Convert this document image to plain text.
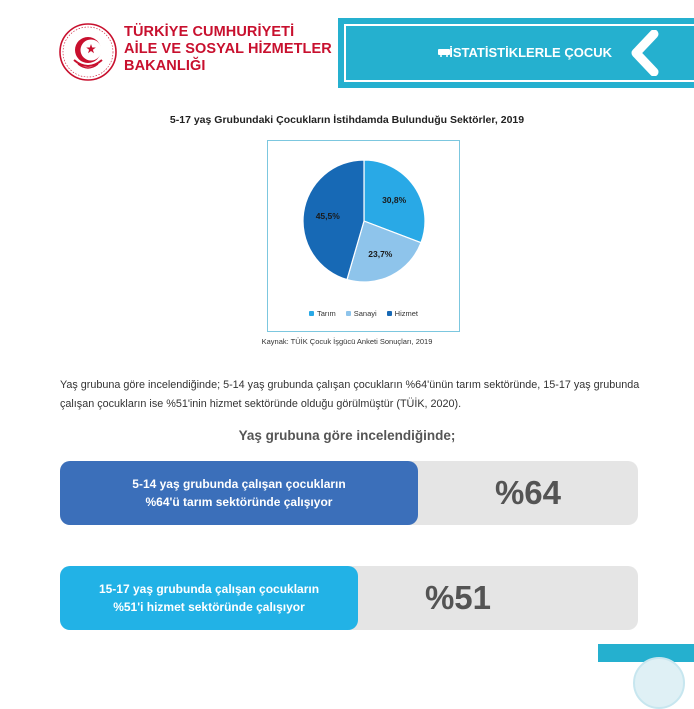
TÜRKİYE CUMHURİYETİ
AİLE VE SOSYAL HİZMETLER
BAKANLIĞI
İSTATİSTİKLERLE ÇOCUK
5-17 yaş Grubundaki Çocukların İstihdamda Bulunduğu Sektörler, 2019
30,8%
23,7%
45,5%
Tarım Sanayi Hizmet
Kaynak: TÜİK Çocuk İşgücü Anketi Sonuçları, 2019
Yaş grubuna göre incelendiğinde; 5-14 yaş grubunda çalışan çocukların %64'ünün tarım sektöründe, 15-17 yaş grubunda çalışan çocukların ise %51'inin hizmet sektöründe olduğu görülmüştür (TÜİK, 2020).
Yaş grubuna göre incelendiğinde;
5-14 yaş grubunda çalışan çocukların
%64'ü tarım sektöründe çalışıyor	%64
15-17 yaş grubunda çalışan çocukların
%51'i hizmet sektöründe çalışıyor	%51
